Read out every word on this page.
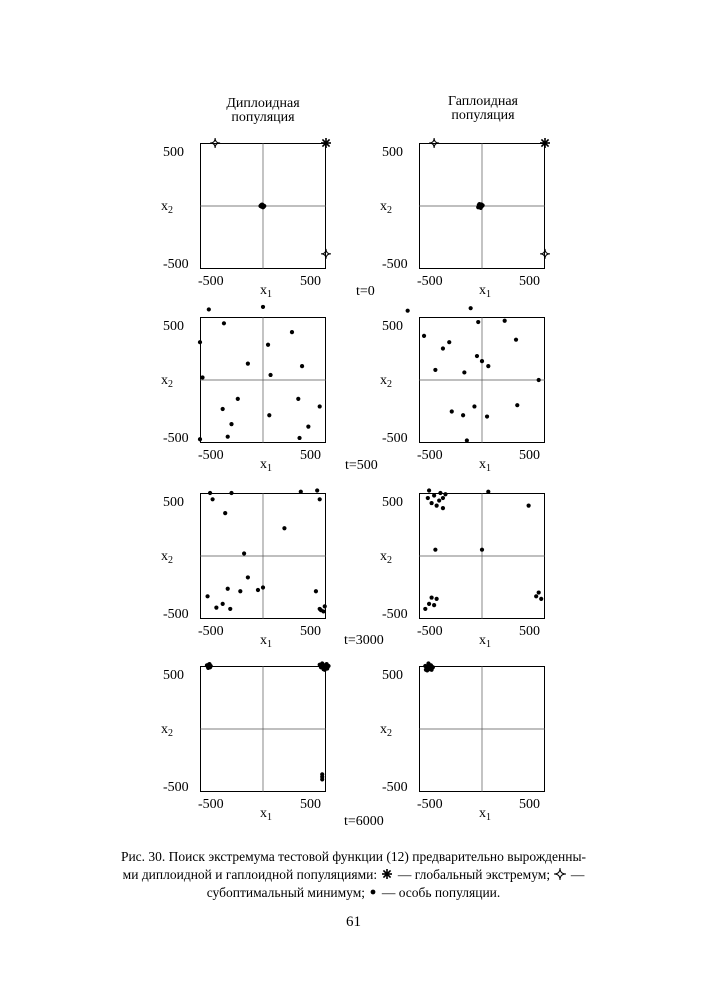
Диплоидная
популяция
Гаплоидная
популяция
500
-500
$x_2$
-500	500
$x_1$
500
-500
$x_2$
-500	500
$x_1$
t=0
500
-500
$x_2$
-500	500
$x_1$
500
-500
$x_2$
-500	500
$x_1$
t=500
500
-500
$x_2$
-500	500
$x_1$
500
-500
$x_2$
-500	500
$x_1$
t=3000
500
-500
$x_2$
-500	500
$x_1$
500
-500
$x_2$
-500	500
$x_1$
t=6000
Рис. 30. Поиск экстремума тестовой функции (12) предварительно вырожденны-
ми диплоидной и гаплоидной популяциями: — глобальный экстремум; —
субоптимальный минимум; — особь популяции.
61
